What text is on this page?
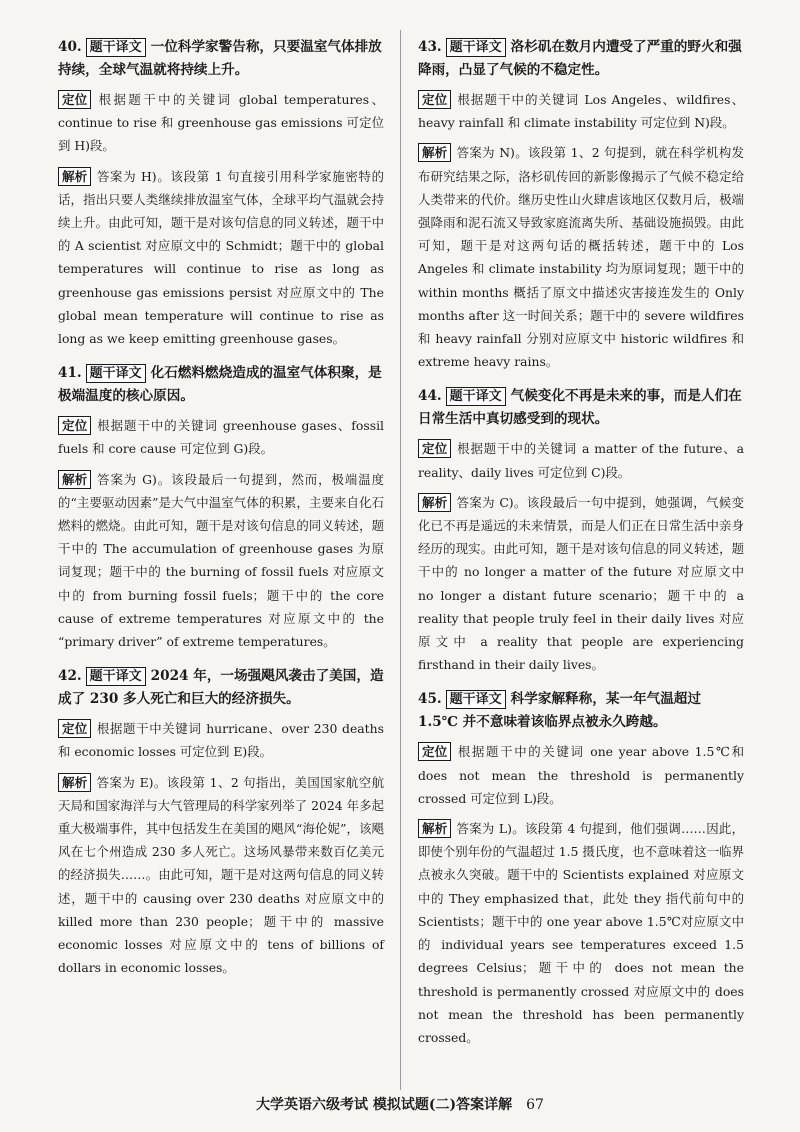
40. 题干译文 一位科学家警告称，只要温室气体排放持续，全球气温就将持续上升。
定位 根据题干中的关键词 global temperatures、continue to rise 和 greenhouse gas emissions 可定位到 H)段。
解析 答案为 H)。该段第 1 句直接引用科学家施密特的话，指出只要人类继续排放温室气体，全球平均气温就会持续上升。由此可知，题干是对该句信息的同义转述，题干中的 A scientist 对应原文中的 Schmidt；题干中的 global temperatures will continue to rise as long as greenhouse gas emissions persist 对应原文中的 The global mean temperature will continue to rise as long as we keep emitting greenhouse gases。
41. 题干译文 化石燃料燃烧造成的温室气体积聚，是极端温度的核心原因。
定位 根据题干中的关键词 greenhouse gases、fossil fuels 和 core cause 可定位到 G)段。
解析 答案为 G)。该段最后一句提到，然而，极端温度的“主要驱动因素”是大气中温室气体的积累，主要来自化石燃料的燃烧。由此可知，题干是对该句信息的同义转述，题干中的 The accumulation of greenhouse gases 为原词复现；题干中的 the burning of fossil fuels 对应原文中的 from burning fossil fuels；题干中的 the core cause of extreme temperatures 对应原文中的 the “primary driver” of extreme temperatures。
42. 题干译文 2024 年，一场强飓风袭击了美国，造成了 230 多人死亡和巨大的经济损失。
定位 根据题干中关键词 hurricane、over 230 deaths 和 economic losses 可定位到 E)段。
解析 答案为 E)。该段第 1、2 句指出，美国国家航空航天局和国家海洋与大气管理局的科学家列举了 2024 年多起重大极端事件，其中包括发生在美国的飓风“海伦妮”，该飓风在七个州造成 230 多人死亡。这场风暴带来数百亿美元的经济损失……。由此可知，题干是对这两句信息的同义转述，题干中的 causing over 230 deaths 对应原文中的 killed more than 230 people；题干中的 massive economic losses 对应原文中的 tens of billions of dollars in economic losses。
43. 题干译文 洛杉矶在数月内遭受了严重的野火和强降雨，凸显了气候的不稳定性。
定位 根据题干中的关键词 Los Angeles、wildfires、heavy rainfall 和 climate instability 可定位到 N)段。
解析 答案为 N)。该段第 1、2 句提到，就在科学机构发布研究结果之际，洛杉矶传回的新影像揭示了气候不稳定给人类带来的代价。继历史性山火肆虐该地区仅数月后，极端强降雨和泥石流又导致家庭流离失所、基础设施损毁。由此可知，题干是对这两句话的概括转述，题干中的 Los Angeles 和 climate instability 均为原词复现；题干中的 within months 概括了原文中描述灾害接连发生的 Only months after 这一时间关系；题干中的 severe wildfires 和 heavy rainfall 分别对应原文中 historic wildfires 和 extreme heavy rains。
44. 题干译文 气候变化不再是未来的事，而是人们在日常生活中真切感受到的现状。
定位 根据题干中的关键词 a matter of the future、a reality、daily lives 可定位到 C)段。
解析 答案为 C)。该段最后一句中提到，她强调，气候变化已不再是遥远的未来情景，而是人们正在日常生活中亲身经历的现实。由此可知，题干是对该句信息的同义转述，题干中的 no longer a matter of the future 对应原文中 no longer a distant future scenario；题干中的 a reality that people truly feel in their daily lives 对应原文中 a reality that people are experiencing firsthand in their daily lives。
45. 题干译文 科学家解释称，某一年气温超过 1.5℃ 并不意味着该临界点被永久跨越。
定位 根据题干中的关键词 one year above 1.5℃和does not mean the threshold is permanently crossed 可定位到 L)段。
解析 答案为 L)。该段第 4 句提到，他们强调……因此，即使个别年份的气温超过 1.5 摄氏度，也不意味着这一临界点被永久突破。题干中的 Scientists explained 对应原文中的 They emphasized that，此处 they 指代前句中的 Scientists；题干中的 one year above 1.5℃对应原文中的 individual years see temperatures exceed 1.5 degrees Celsius；题干中的 does not mean the threshold is permanently crossed 对应原文中的 does not mean the threshold has been permanently crossed。
大学英语六级考试 模拟试题(二)答案详解 67
